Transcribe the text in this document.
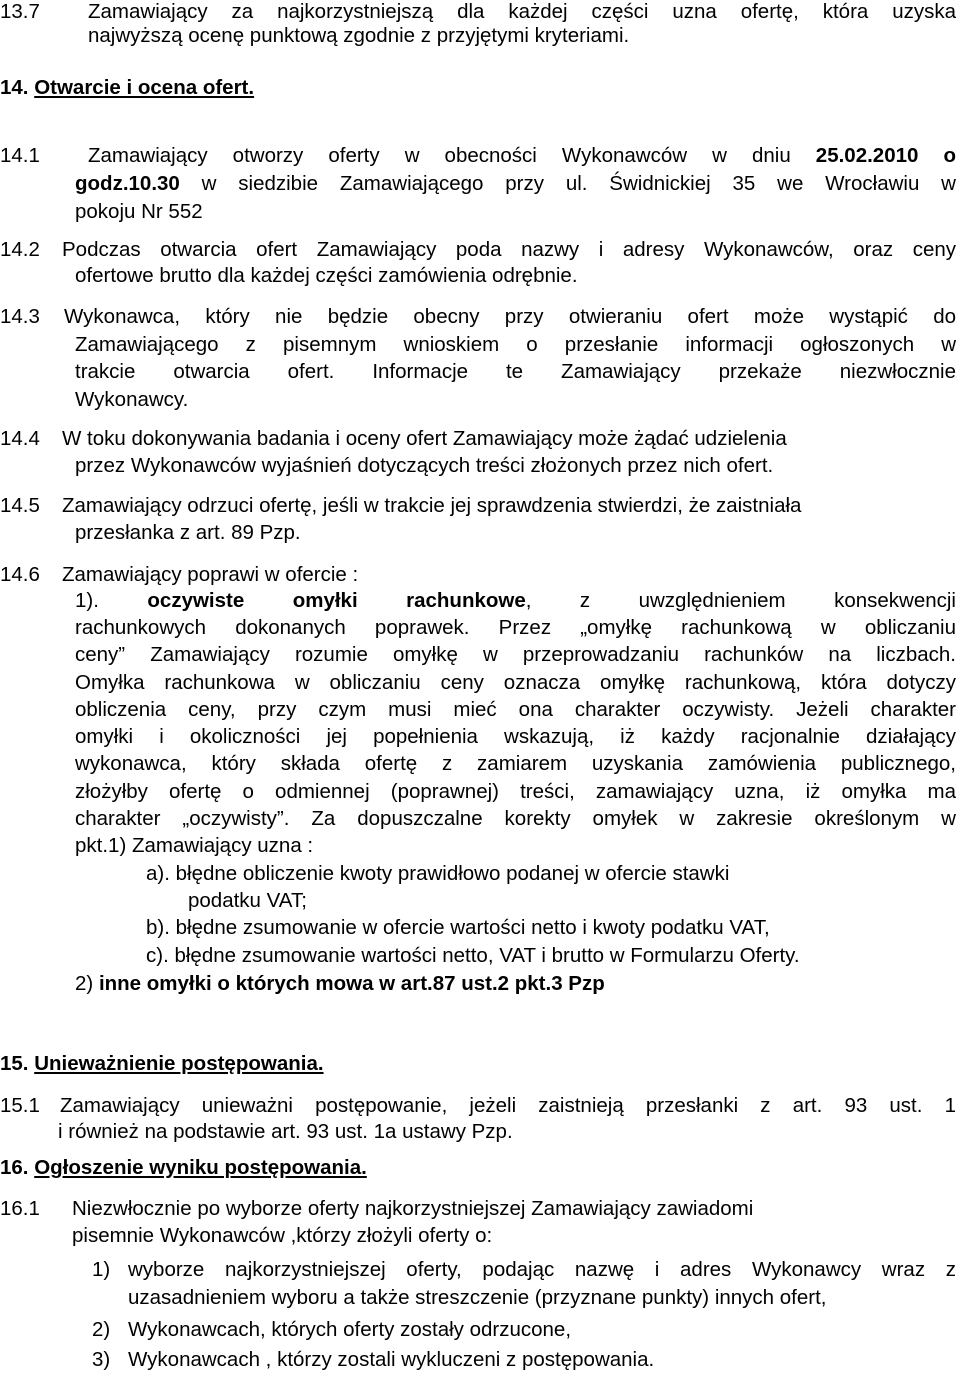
13.7 Zamawiający za najkorzystniejszą dla każdej części uzna ofertę, która uzyska
najwyższą ocenę punktową zgodnie z przyjętymi kryteriami.
14. Otwarcie i ocena ofert.
14.1 Zamawiający otworzy oferty w obecności Wykonawców w dniu 25.02.2010 o
godz.10.30 w siedzibie Zamawiającego przy ul. Świdnickiej 35 we Wrocławiu w
pokoju Nr 552
14.2 Podczas otwarcia ofert Zamawiający poda nazwy i adresy Wykonawców, oraz ceny
ofertowe brutto dla każdej części zamówienia odrębnie.
14.3 Wykonawca, który nie będzie obecny przy otwieraniu ofert może wystąpić do
Zamawiającego z pisemnym wnioskiem o przesłanie informacji ogłoszonych w
trakcie otwarcia ofert. Informacje te Zamawiający przekaże niezwłocznie
Wykonawcy.
14.4 W toku dokonywania badania i oceny ofert Zamawiający może żądać udzielenia
przez Wykonawców wyjaśnień dotyczących treści złożonych przez nich ofert.
14.5 Zamawiający odrzuci ofertę, jeśli w trakcie jej sprawdzenia stwierdzi, że zaistniała
przesłanka z art. 89 Pzp.
14.6 Zamawiający poprawi w ofercie :
1). oczywiste omyłki rachunkowe, z uwzględnieniem konsekwencji
rachunkowych dokonanych poprawek. Przez „omyłkę rachunkową w obliczaniu
ceny” Zamawiający rozumie omyłkę w przeprowadzaniu rachunków na liczbach.
Omyłka rachunkowa w obliczaniu ceny oznacza omyłkę rachunkową, która dotyczy
obliczenia ceny, przy czym musi mieć ona charakter oczywisty. Jeżeli charakter
omyłki i okoliczności jej popełnienia wskazują, iż każdy racjonalnie działający
wykonawca, który składa ofertę z zamiarem uzyskania zamówienia publicznego,
złożyłby ofertę o odmiennej (poprawnej) treści, zamawiający uzna, iż omyłka ma
charakter „oczywisty”. Za dopuszczalne korekty omyłek w zakresie określonym w
pkt.1) Zamawiający uzna :
a). błędne obliczenie kwoty prawidłowo podanej w ofercie stawki
podatku VAT;
b). błędne zsumowanie w ofercie wartości netto i kwoty podatku VAT,
c). błędne zsumowanie wartości netto, VAT i brutto w Formularzu Oferty.
2) inne omyłki o których mowa w art.87 ust.2 pkt.3 Pzp
15. Unieważnienie postępowania.
15.1 Zamawiający unieważni postępowanie, jeżeli zaistnieją przesłanki z art. 93 ust. 1
i również na podstawie art. 93 ust. 1a ustawy Pzp.
16. Ogłoszenie wyniku postępowania.
16.1 Niezwłocznie po wyborze oferty najkorzystniejszej Zamawiający zawiadomi
pisemnie Wykonawców ,którzy złożyli oferty o:
1) wyborze najkorzystniejszej oferty, podając nazwę i adres Wykonawcy wraz z
uzasadnieniem wyboru a także streszczenie (przyznane punkty) innych ofert,
2) Wykonawcach, których oferty zostały odrzucone,
3) Wykonawcach , którzy zostali wykluczeni z postępowania.
